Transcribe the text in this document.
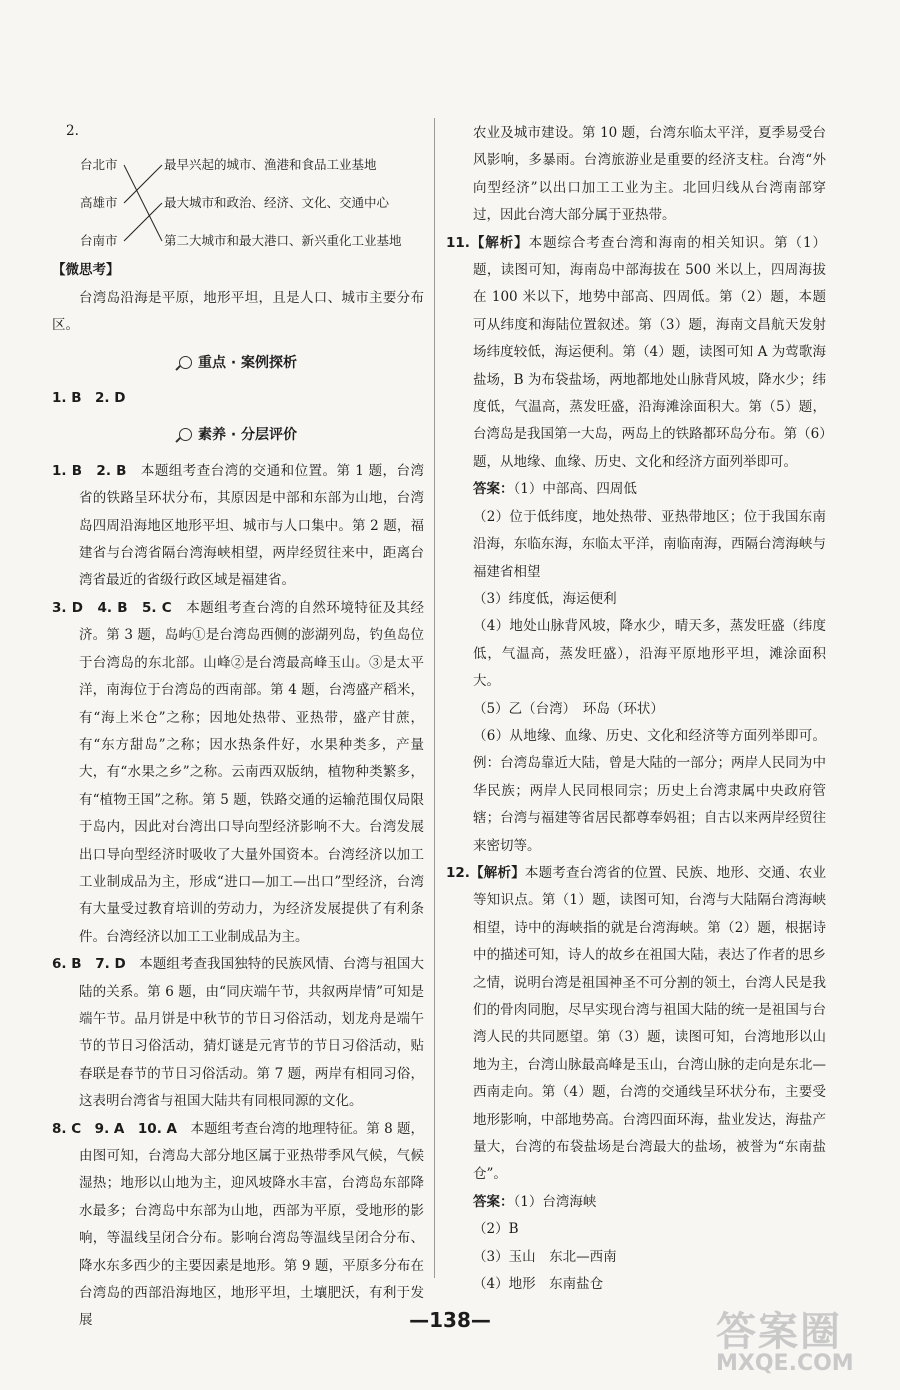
2.

台北市
高雄市
台南市
最早兴起的城市、渔港和食品工业基地
最大城市和政治、经济、文化、交通中心
第二大城市和最大港口、新兴重化工业基地

【微思考】

台湾岛沿海是平原，地形平坦，且是人口、城市主要分布区。

重点 · 案例探析

1. B　2. D

素养 · 分层评价

1. B　2. B　本题组考查台湾的交通和位置。第 1 题，台湾省的铁路呈环状分布，其原因是中部和东部为山地，台湾岛四周沿海地区地形平坦、城市与人口集中。第 2 题，福建省与台湾省隔台湾海峡相望，两岸经贸往来中，距离台湾省最近的省级行政区域是福建省。

3. D　4. B　5. C　本题组考查台湾的自然环境特征及其经济。第 3 题，岛屿①是台湾岛西侧的澎湖列岛，钓鱼岛位于台湾岛的东北部。山峰②是台湾最高峰玉山。③是太平洋，南海位于台湾岛的西南部。第 4 题，台湾盛产稻米，有“海上米仓”之称；因地处热带、亚热带，盛产甘蔗，有“东方甜岛”之称；因水热条件好，水果种类多，产量大，有“水果之乡”之称。云南西双版纳，植物种类繁多，有“植物王国”之称。第 5 题，铁路交通的运输范围仅局限于岛内，因此对台湾出口导向型经济影响不大。台湾发展出口导向型经济时吸收了大量外国资本。台湾经济以加工工业制成品为主，形成“进口—加工—出口”型经济，台湾有大量受过教育培训的劳动力，为经济发展提供了有利条件。台湾经济以加工工业制成品为主。

6. B　7. D　本题组考查我国独特的民族风情、台湾与祖国大陆的关系。第 6 题，由“同庆端午节，共叙两岸情”可知是端午节。品月饼是中秋节的节日习俗活动，划龙舟是端午节的节日习俗活动，猜灯谜是元宵节的节日习俗活动，贴春联是春节的节日习俗活动。第 7 题，两岸有相同习俗，这表明台湾省与祖国大陆共有同根同源的文化。

8. C　9. A　10. A　本题组考查台湾的地理特征。第 8 题，由图可知，台湾岛大部分地区属于亚热带季风气候，气候湿热；地形以山地为主，迎风坡降水丰富，台湾岛东部降水最多；台湾岛中东部为山地，西部为平原，受地形的影响，等温线呈闭合分布。影响台湾岛等温线呈闭合分布、降水东多西少的主要因素是地形。第 9 题，平原多分布在台湾岛的西部沿海地区，地形平坦，土壤肥沃，有利于发展

农业及城市建设。第 10 题，台湾东临太平洋，夏季易受台风影响，多暴雨。台湾旅游业是重要的经济支柱。台湾“外向型经济”以出口加工工业为主。北回归线从台湾南部穿过，因此台湾大部分属于亚热带。

11.【解析】本题综合考查台湾和海南的相关知识。第（1）题，读图可知，海南岛中部海拔在 500 米以上，四周海拔在 100 米以下，地势中部高、四周低。第（2）题，本题可从纬度和海陆位置叙述。第（3）题，海南文昌航天发射场纬度较低，海运便利。第（4）题，读图可知 A 为莺歌海盐场，B 为布袋盐场，两地都地处山脉背风坡，降水少；纬度低，气温高，蒸发旺盛，沿海滩涂面积大。第（5）题，台湾岛是我国第一大岛，两岛上的铁路都环岛分布。第（6）题，从地缘、血缘、历史、文化和经济方面列举即可。

答案：（1）中部高、四周低

（2）位于低纬度，地处热带、亚热带地区；位于我国东南沿海，东临东海，东临太平洋，南临南海，西隔台湾海峡与福建省相望

（3）纬度低，海运便利

（4）地处山脉背风坡，降水少，晴天多，蒸发旺盛（纬度低，气温高，蒸发旺盛），沿海平原地形平坦，滩涂面积大。

（5）乙（台湾）　环岛（环状）

（6）从地缘、血缘、历史、文化和经济等方面列举即可。例：台湾岛靠近大陆，曾是大陆的一部分；两岸人民同为中华民族；两岸人民同根同宗；历史上台湾隶属中央政府管辖；台湾与福建等省居民都尊奉妈祖；自古以来两岸经贸往来密切等。

12.【解析】本题考查台湾省的位置、民族、地形、交通、农业等知识点。第（1）题，读图可知，台湾与大陆隔台湾海峡相望，诗中的海峡指的就是台湾海峡。第（2）题，根据诗中的描述可知，诗人的故乡在祖国大陆，表达了作者的思乡之情，说明台湾是祖国神圣不可分割的领土，台湾人民是我们的骨肉同胞，尽早实现台湾与祖国大陆的统一是祖国与台湾人民的共同愿望。第（3）题，读图可知，台湾地形以山地为主，台湾山脉最高峰是玉山，台湾山脉的走向是东北—西南走向。第（4）题，台湾的交通线呈环状分布，主要受地形影响，中部地势高。台湾四面环海，盐业发达，海盐产量大，台湾的布袋盐场是台湾最大的盐场，被誉为“东南盐仓”。

答案：（1）台湾海峡

（2）B

（3）玉山　东北—西南

（4）地形　东南盐仓

—138—	答案圈
MXQE.COM
